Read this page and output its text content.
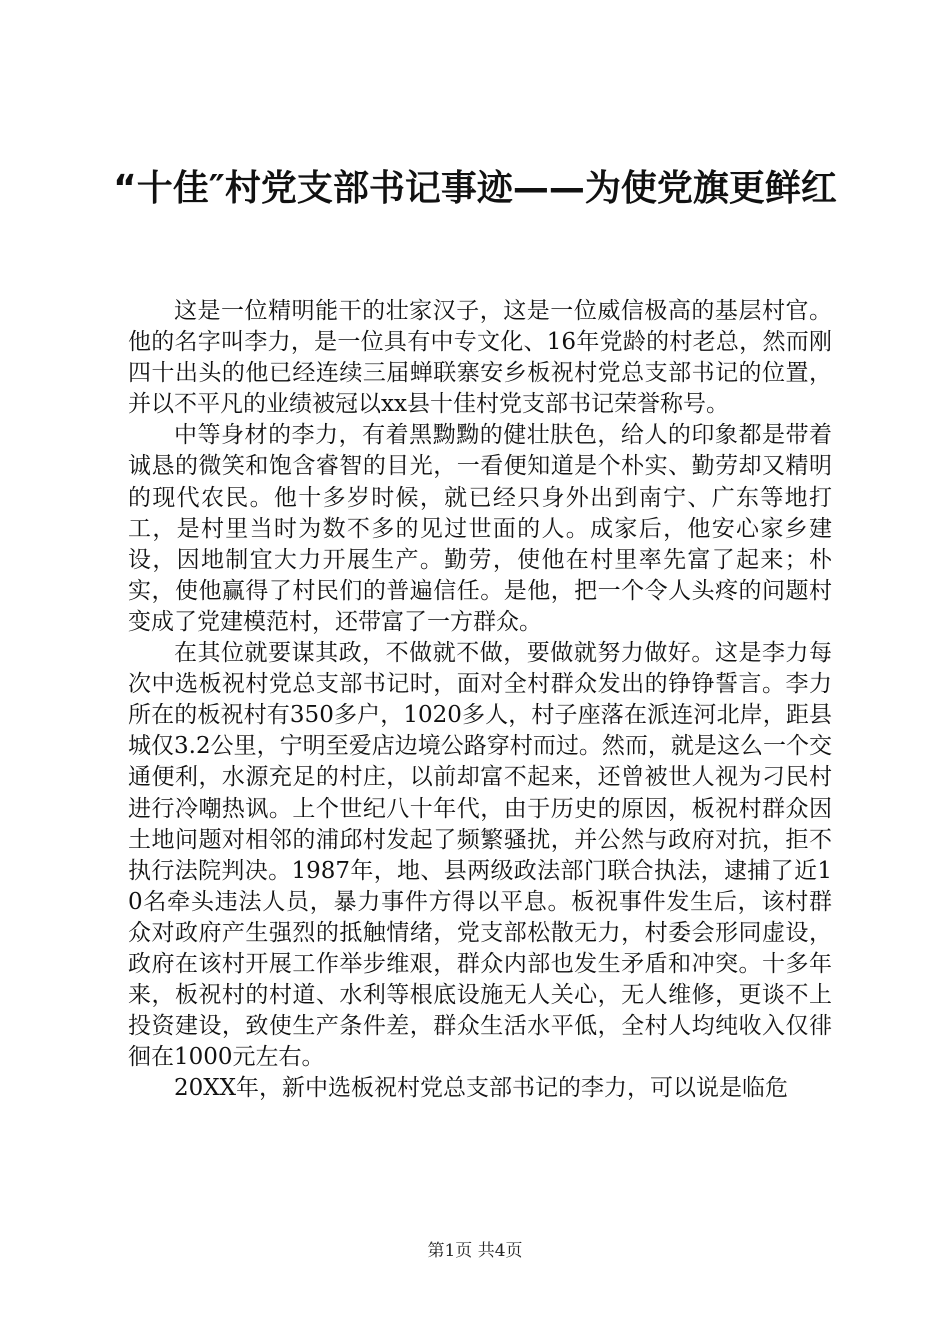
“十佳″村党支部书记事迹——为使党旗更鲜红

这是一位精明能干的壮家汉子，这是一位威信极高的基层村官。他的名字叫李力，是一位具有中专文化、16年党龄的村老总，然而刚四十出头的他已经连续三届蝉联寨安乡板祝村党总支部书记的位置，并以不平凡的业绩被冠以xx县十佳村党支部书记荣誉称号。

中等身材的李力，有着黑黝黝的健壮肤色，给人的印象都是带着诚恳的微笑和饱含睿智的目光，一看便知道是个朴实、勤劳却又精明的现代农民。他十多岁时候，就已经只身外出到南宁、广东等地打工，是村里当时为数不多的见过世面的人。成家后，他安心家乡建设，因地制宜大力开展生产。勤劳，使他在村里率先富了起来；朴实，使他赢得了村民们的普遍信任。是他，把一个令人头疼的问题村变成了党建模范村，还带富了一方群众。

在其位就要谋其政，不做就不做，要做就努力做好。这是李力每次中选板祝村党总支部书记时，面对全村群众发出的铮铮誓言。李力所在的板祝村有350多户，1020多人，村子座落在派连河北岸，距县城仅3.2公里，宁明至爱店边境公路穿村而过。然而，就是这么一个交通便利，水源充足的村庄，以前却富不起来，还曾被世人视为刁民村进行冷嘲热讽。上个世纪八十年代，由于历史的原因，板祝村群众因土地问题对相邻的浦邱村发起了频繁骚扰，并公然与政府对抗，拒不执行法院判决。1987年，地、县两级政法部门联合执法，逮捕了近10名牵头违法人员，暴力事件方得以平息。板祝事件发生后，该村群众对政府产生强烈的抵触情绪，党支部松散无力，村委会形同虚设，政府在该村开展工作举步维艰，群众内部也发生矛盾和冲突。十多年来，板祝村的村道、水利等根底设施无人关心，无人维修，更谈不上投资建设，致使生产条件差，群众生活水平低，全村人均纯收入仅徘徊在1000元左右。

20XX年，新中选板祝村党总支部书记的李力，可以说是临危

第1页 共4页
